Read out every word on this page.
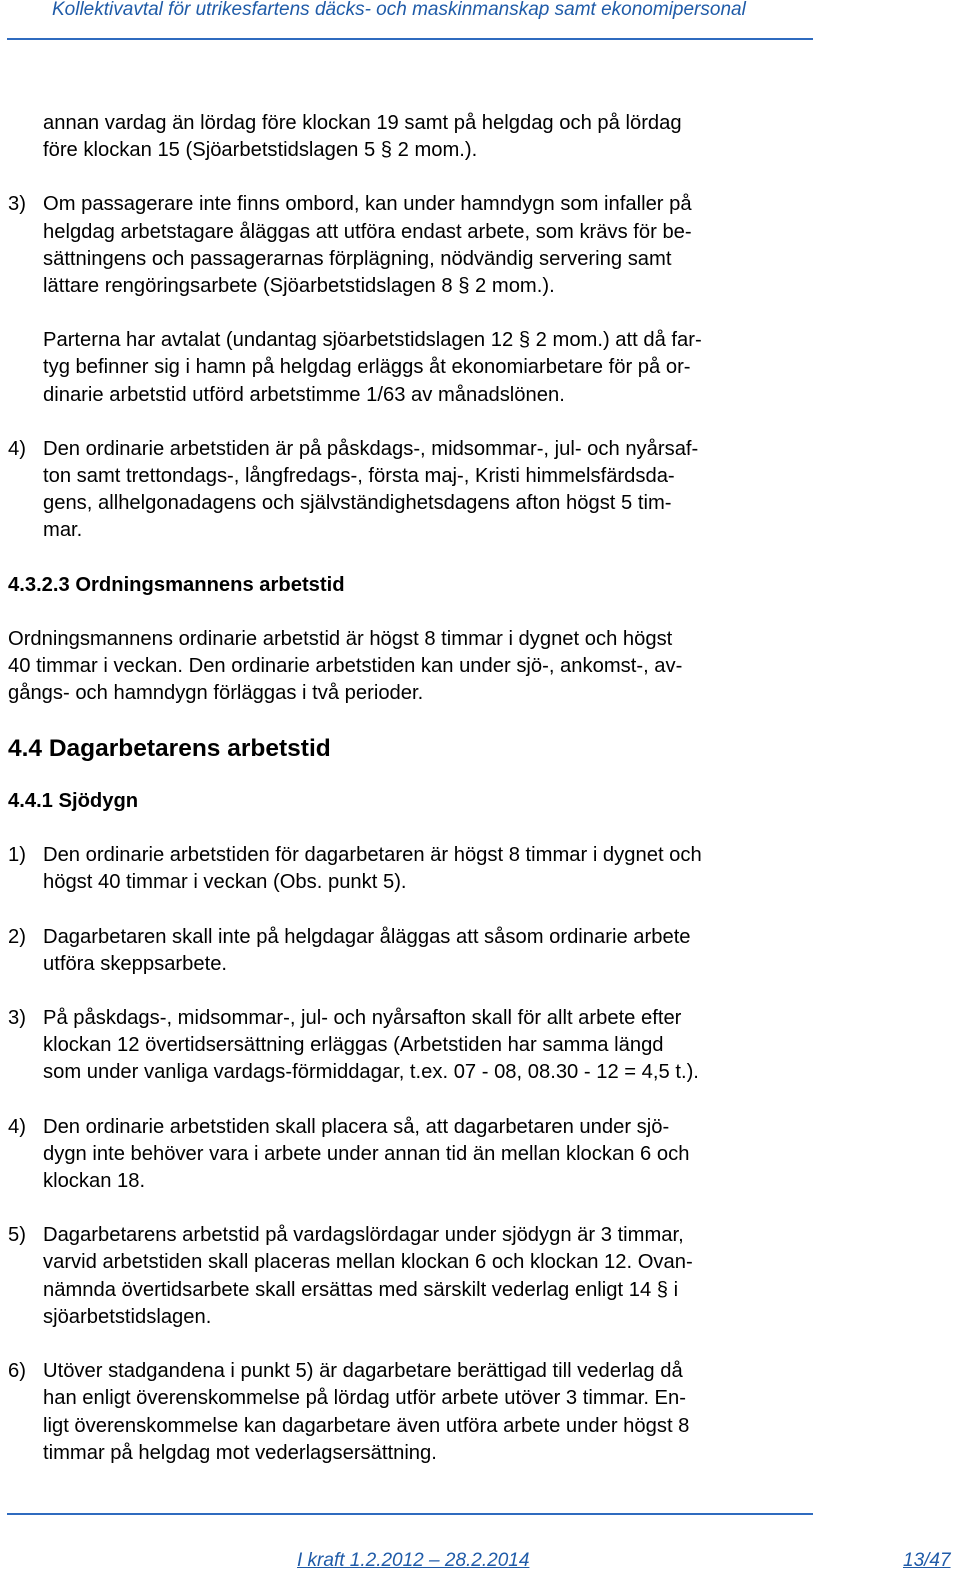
Kollektivavtal för utrikesfartens däcks- och maskinmanskap samt ekonomipersonal
annan vardag än lördag före klockan 19 samt på helgdag och på lördag
före klockan 15 (Sjöarbetstidslagen 5 § 2 mom.).
3) Om passagerare inte finns ombord, kan under hamndygn som infaller på
helgdag arbetstagare åläggas att utföra endast arbete, som krävs för be-
sättningens och passagerarnas förplägning, nödvändig servering samt
lättare rengöringsarbete (Sjöarbetstidslagen 8 § 2 mom.).
Parterna har avtalat (undantag sjöarbetstidslagen 12 § 2 mom.) att då far-
tyg befinner sig i hamn på helgdag erläggs åt ekonomiarbetare för på or-
dinarie arbetstid utförd arbetstimme 1/63 av månadslönen.
4) Den ordinarie arbetstiden är på påskdags-, midsommar-, jul- och nyårsaf-
ton samt trettondags-, långfredags-, första maj-, Kristi himmelsfärdsda-
gens, allhelgonadagens och självständighetsdagens afton högst 5 tim-
mar.
4.3.2.3 Ordningsmannens arbetstid
Ordningsmannens ordinarie arbetstid är högst 8 timmar i dygnet och högst
40 timmar i veckan. Den ordinarie arbetstiden kan under sjö-, ankomst-, av-
gångs- och hamndygn förläggas i två perioder.
4.4 Dagarbetarens arbetstid
4.4.1 Sjödygn
1) Den ordinarie arbetstiden för dagarbetaren är högst 8 timmar i dygnet och
högst 40 timmar i veckan (Obs. punkt 5).
2) Dagarbetaren skall inte på helgdagar åläggas att såsom ordinarie arbete
utföra skeppsarbete.
3) På påskdags-, midsommar-, jul- och nyårsafton skall för allt arbete efter
klockan 12 övertidsersättning erläggas (Arbetstiden har samma längd
som under vanliga vardags-förmiddagar, t.ex. 07 - 08, 08.30 - 12 = 4,5 t.).
4) Den ordinarie arbetstiden skall placera så, att dagarbetaren under sjö-
dygn inte behöver vara i arbete under annan tid än mellan klockan 6 och
klockan 18.
5) Dagarbetarens arbetstid på vardagslördagar under sjödygn är 3 timmar,
varvid arbetstiden skall placeras mellan klockan 6 och klockan 12. Ovan-
nämnda övertidsarbete skall ersättas med särskilt vederlag enligt 14 § i
sjöarbetstidslagen.
6) Utöver stadgandena i punkt 5) är dagarbetare berättigad till vederlag då
han enligt överenskommelse på lördag utför arbete utöver 3 timmar. En-
ligt överenskommelse kan dagarbetare även utföra arbete under högst 8
timmar på helgdag mot vederlagsersättning.
I kraft 1.2.2012 – 28.2.2014	13/47
